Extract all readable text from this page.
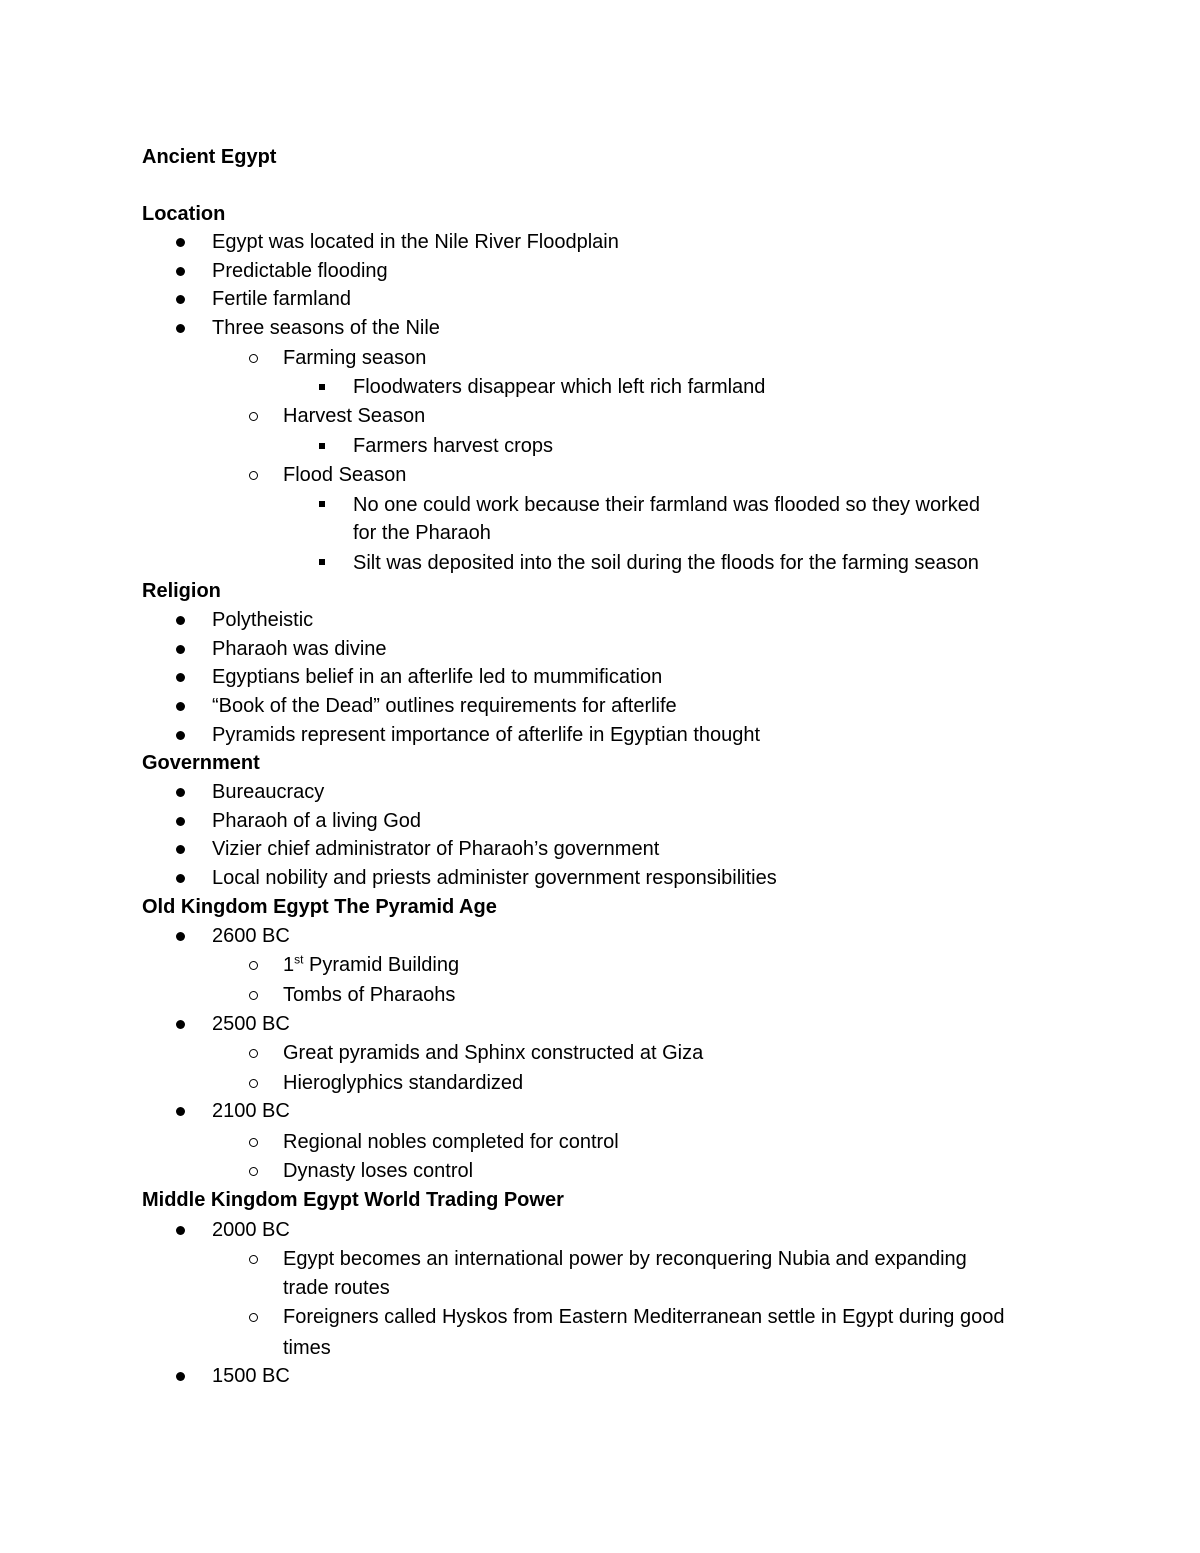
Ancient Egypt
Location
Egypt was located in the Nile River Floodplain
Predictable flooding
Fertile farmland
Three seasons of the Nile
Farming season
Floodwaters disappear which left rich farmland
Harvest Season
Farmers harvest crops
Flood Season
No one could work because their farmland was flooded so they worked
for the Pharaoh
Silt was deposited into the soil during the floods for the farming season
Religion
Polytheistic
Pharaoh was divine
Egyptians belief in an afterlife led to mummification
“Book of the Dead” outlines requirements for afterlife
Pyramids represent importance of afterlife in Egyptian thought
Government
Bureaucracy
Pharaoh of a living God
Vizier chief administrator of Pharaoh’s government
Local nobility and priests administer government responsibilities
Old Kingdom Egypt The Pyramid Age
2600 BC
1st Pyramid Building
Tombs of Pharaohs
2500 BC
Great pyramids and Sphinx constructed at Giza
Hieroglyphics standardized
2100 BC
Regional nobles completed for control
Dynasty loses control
Middle Kingdom Egypt World Trading Power
2000 BC
Egypt becomes an international power by reconquering Nubia and expanding
trade routes
Foreigners called Hyskos from Eastern Mediterranean settle in Egypt during good
times
1500 BC
